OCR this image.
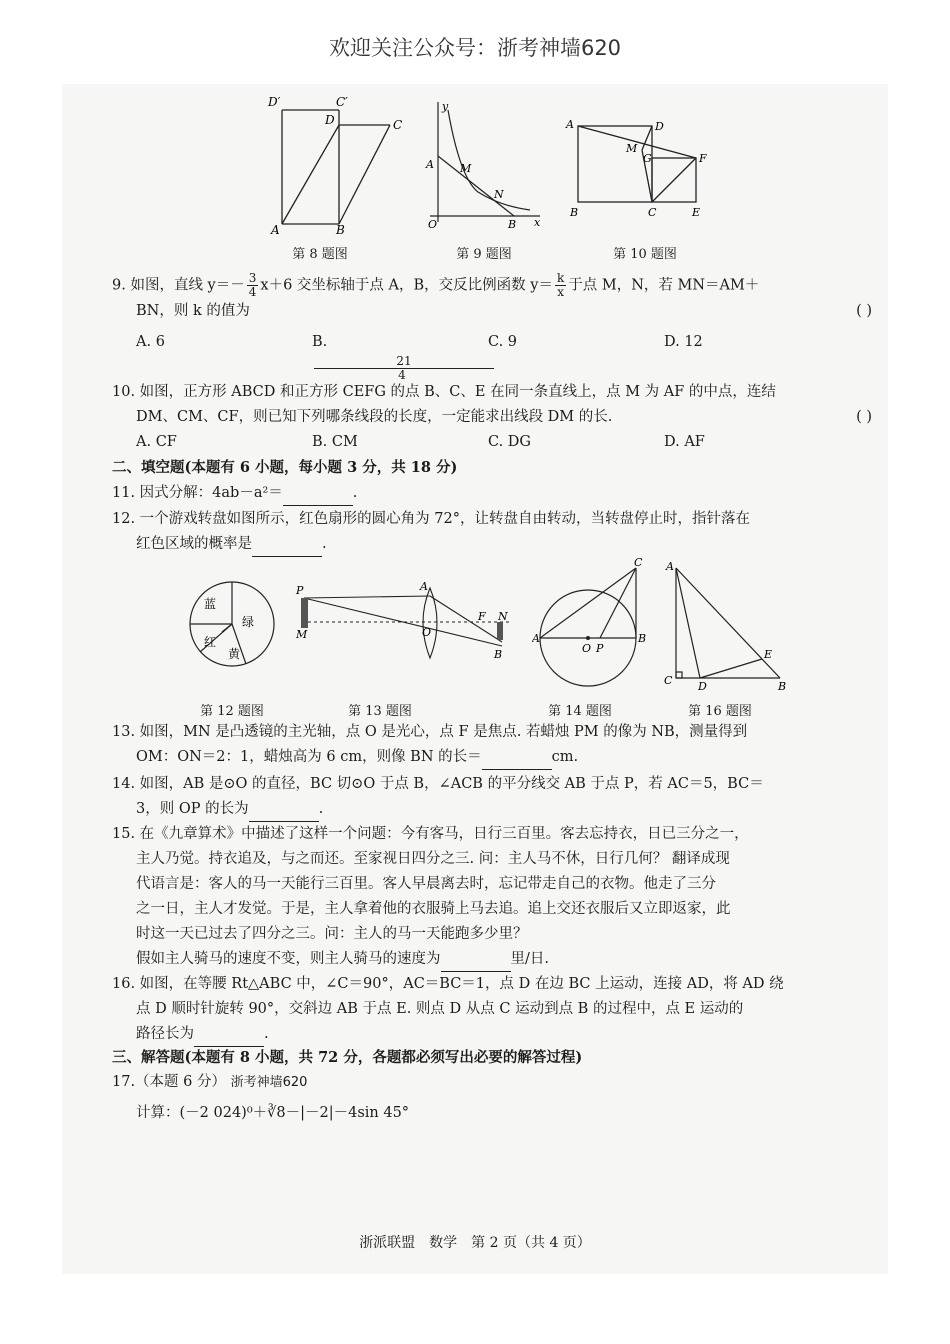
欢迎关注公众号：浙考神墙620
D′	C′
D	C
A	B
第 8 题图
y
A M
N
O	B x
第 9 题图
A	D
M
G	F
B	C	E
第 10 题图
9. 如图，直线 $y=- \frac{3}{4} x+6$ 交坐标轴于点 A，B，交反比例函数 $y= \frac{k}{x}$ 于点 M，N，若 MN＝AM＋
BN，则 k 的值为	( )
A. 6	B.
$\frac{21}{4}$
C. 9	D. 12
10. 如图，正方形 ABCD 和正方形 CEFG 的点 B、C、E 在同一条直线上，点 M 为 AF 的中点，连结
DM、CM、CF，则已知下列哪条线段的长度，一定能求出线段 DM 的长.	( )
A. CF	B. CM	C. DG	D. AF
二、填空题(本题有 6 小题，每小题 3 分，共 18 分)
11. 因式分解：4ab－a²＝	.
12. 一个游戏转盘如图所示，红色扇形的圆心角为 72°，让转盘自由转动，当转盘停止时，指针落在
红色区域的概率是	.
蓝
绿
红
黄
第 12 题图
P	A
M	O
F N
B
第 13 题图
C
A
O P
B
第 14 题图
A
E
C D	B
第 16 题图
13. 如图，MN 是凸透镜的主光轴，点 O 是光心，点 F 是焦点. 若蜡烛 PM 的像为 NB，测量得到
OM：ON＝2：1，蜡烛高为 6 cm，则像 BN 的长＝	cm.
14. 如图，AB 是⊙O 的直径，BC 切⊙O 于点 B，∠ACB 的平分线交 AB 于点 P，若 AC＝5，BC＝
3，则 OP 的长为	.
15. 在《九章算术》中描述了这样一个问题：今有客马，日行三百里。客去忘持衣，日已三分之一，
主人乃觉。持衣追及，与之而还。至家视日四分之三. 问：主人马不休，日行几何？ 翻译成现
代语言是：客人的马一天能行三百里。客人早晨离去时，忘记带走自己的衣物。他走了三分
之一日，主人才发觉。于是，主人拿着他的衣服骑上马去追。追上交还衣服后又立即返家，此
时这一天已过去了四分之三。问：主人的马一天能跑多少里？
假如主人骑马的速度不变，则主人骑马的速度为	里/日.
16. 如图，在等腰 Rt△ABC 中，∠C＝90°，AC＝BC＝1，点 D 在边 BC 上运动，连接 AD，将 AD 绕
点 D 顺时针旋转 90°，交斜边 AB 于点 E. 则点 D 从点 C 运动到点 B 的过程中，点 E 运动的
路径长为	.
三、解答题(本题有 8 小题，共 72 分，各题都必须写出必要的解答过程)
17.（本题 6 分） 浙考神墙620
计算：(－2 024)⁰＋∛8－|－2|－4sin 45°
浙派联盟　数学　第 2 页（共 4 页）
